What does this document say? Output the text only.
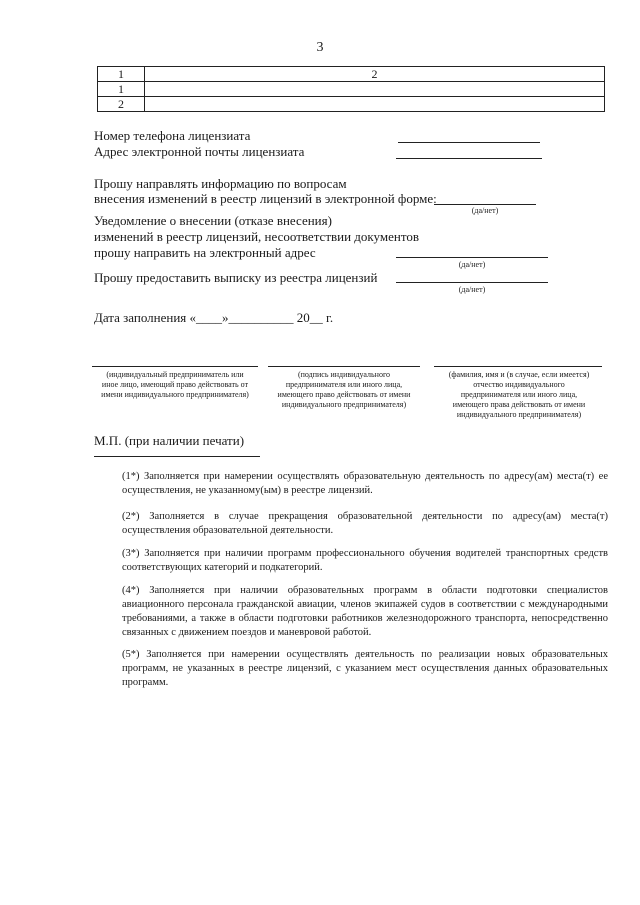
3
1	2
1	
2	
Номер телефона лицензиата
Адрес электронной почты лицензиата
Прошу направлять информацию по вопросам
внесения изменений в реестр лицензий в электронной форме:
(да/нет)
Уведомление о внесении (отказе внесения)
изменений в реестр лицензий, несоответствии документов
прошу направить на электронный адрес
(да/нет)
Прошу предоставить выписку из реестра лицензий
(да/нет)
Дата заполнения «____»__________ 20__ г.
(индивидуальный предприниматель или
иное лицо, имеющий право действовать от
имени индивидуального предпринимателя)
(подпись индивидуального
предпринимателя или иного лица,
имеющего право действовать от имени
индивидуального предпринимателя)
(фамилия, имя и (в случае, если имеется)
отчество индивидуального
предпринимателя или иного лица,
имеющего права действовать от имени
индивидуального предпринимателя)
М.П. (при наличии печати)
(1*) Заполняется при намерении осуществлять образовательную деятельность по адресу(ам) места(т) ее осуществления, не указанному(ым) в реестре лицензий.
(2*) Заполняется в случае прекращения образовательной деятельности по адресу(ам) места(т) осуществления образовательной деятельности.
(3*) Заполняется при наличии программ профессионального обучения водителей транспортных средств соответствующих категорий и подкатегорий.
(4*) Заполняется при наличии образовательных программ в области подготовки специалистов авиационного персонала гражданской авиации, членов экипажей судов в соответствии с международными требованиями, а также в области подготовки работников железнодорожного транспорта, непосредственно связанных с движением поездов и маневровой работой.
(5*) Заполняется при намерении осуществлять деятельность по реализации новых образовательных программ, не указанных в реестре лицензий, с указанием мест осуществления данных образовательных программ.
